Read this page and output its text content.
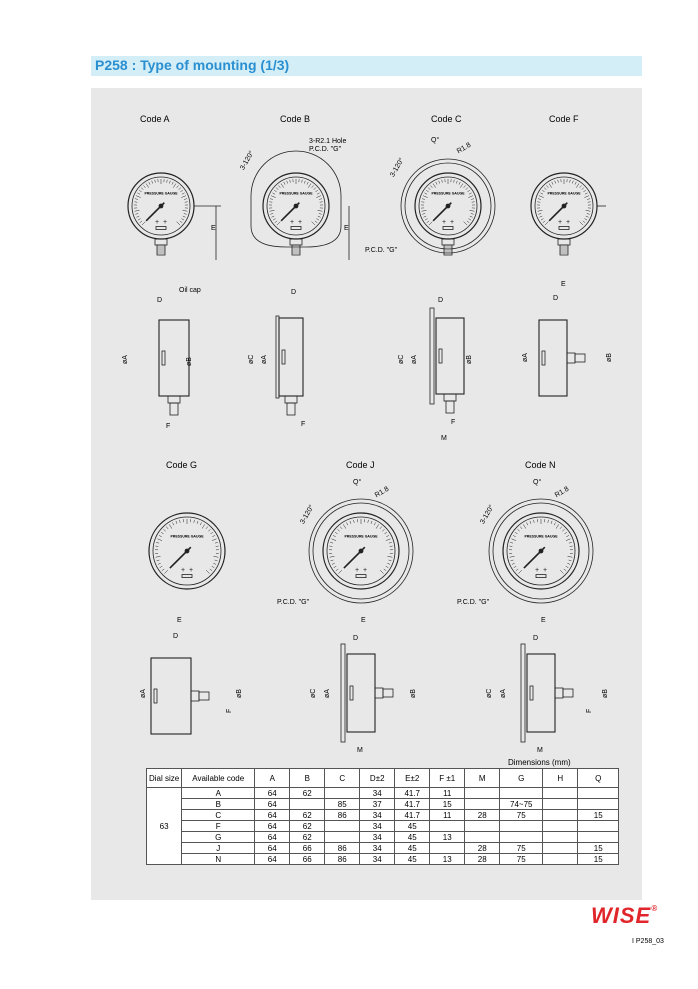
P258 : Type of mounting (1/3)
+ +	+ +	+ +	+ +
+ +	+ +	+ +
Code A	Code B	Code C	Code F
Code G	Code J	Code N
PRESSURE GAUGE
E
PRESSURE GAUGE
3-R2.1 Hole
P.C.D. "G"
3-120°
E
PRESSURE GAUGE
Q°
R1.8
3-120°
P.C.D. "G"
PRESSURE GAUGE
Oil cap
D
øA	øB
F
D
øC øA
F
D
øC øA	øB
F
M
E
D
øA	øB
PRESSURE GAUGE	PRESSURE GAUGE
Q°
R1.8
3-120°
P.C.D. "G"
PRESSURE GAUGE
Q°
R1.8
3-120°
P.C.D. "G"
E
D
øA	øB
F
E
D
øC øA	øB
M
E
D
øC øA	øB
F
M
Dimensions (mm)
Dial size	Available code	A	B	C	D±2	E±2	F ±1	M	G	H	Q
63	A	64	62		34	41.7	11				
	B	64		85	37	41.7	15		74~75		
	C	64	62	86	34	41.7	11	28	75		15
	F	64	62		34	45					
	G	64	62		34	45	13				
	J	64	66	86	34	45		28	75		15
	N	64	66	86	34	45	13	28	75		15
WISE®
I P258_03
